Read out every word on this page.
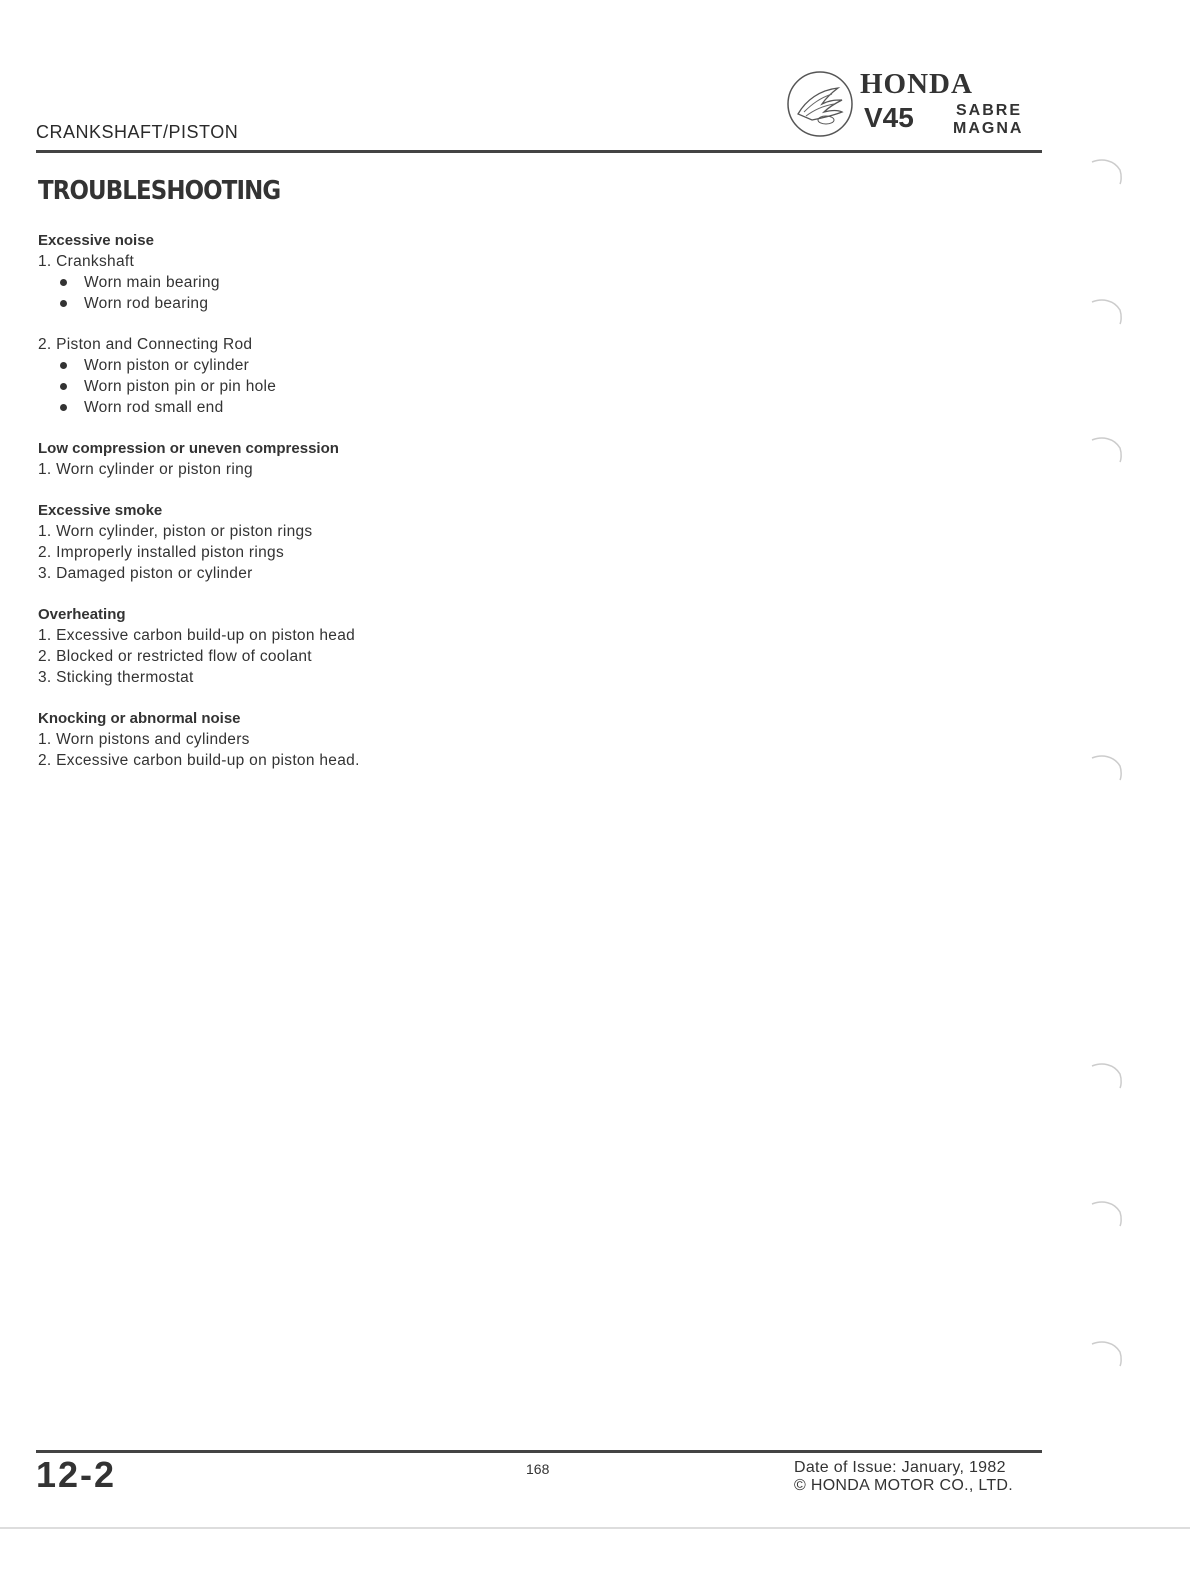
CRANKSHAFT/PISTON
HONDA
V45	SABRE
MAGNA
TROUBLESHOOTING
Excessive noise
1. Crankshaft
Worn main bearing
Worn rod bearing
2. Piston and Connecting Rod
Worn piston or cylinder
Worn piston pin or pin hole
Worn rod small end
Low compression or uneven compression
1. Worn cylinder or piston ring
Excessive smoke
1. Worn cylinder, piston or piston rings
2. Improperly installed piston rings
3. Damaged piston or cylinder
Overheating
1. Excessive carbon build-up on piston head
2. Blocked or restricted flow of coolant
3. Sticking thermostat
Knocking or abnormal noise
1. Worn pistons and cylinders
2. Excessive carbon build-up on piston head.
12-2	168	Date of Issue: January, 1982
© HONDA MOTOR CO., LTD.
